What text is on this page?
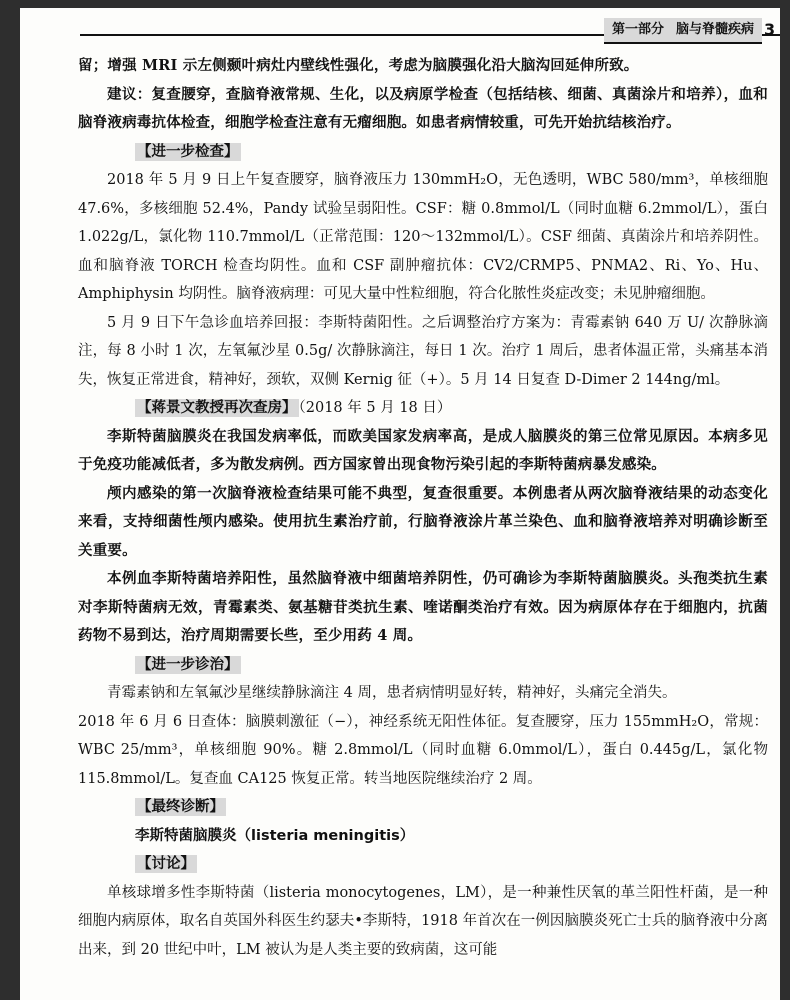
第一部分 脑与脊髓疾病 3

留；增强 MRI 示左侧颞叶病灶内壁线性强化，考虑为脑膜强化沿大脑沟回延伸所致。

建议：复查腰穿，查脑脊液常规、生化，以及病原学检查（包括结核、细菌、真菌涂片和培养），血和脑脊液病毒抗体检查，细胞学检查注意有无瘤细胞。如患者病情较重，可先开始抗结核治疗。

【进一步检查】

2018 年 5 月 9 日上午复查腰穿，脑脊液压力 130mmH₂O，无色透明，WBC 580/mm³，单核细胞 47.6%，多核细胞 52.4%，Pandy 试验呈弱阳性。CSF：糖 0.8mmol/L（同时血糖 6.2mmol/L），蛋白 1.022g/L，氯化物 110.7mmol/L（正常范围：120～132mmol/L）。CSF 细菌、真菌涂片和培养阴性。血和脑脊液 TORCH 检查均阴性。血和 CSF 副肿瘤抗体：CV2/CRMP5、PNMA2、Ri、Yo、Hu、Amphiphysin 均阴性。脑脊液病理：可见大量中性粒细胞，符合化脓性炎症改变；未见肿瘤细胞。

5 月 9 日下午急诊血培养回报：李斯特菌阳性。之后调整治疗方案为：青霉素钠 640 万 U/ 次静脉滴注，每 8 小时 1 次，左氧氟沙星 0.5g/ 次静脉滴注，每日 1 次。治疗 1 周后，患者体温正常，头痛基本消失，恢复正常进食，精神好，颈软，双侧 Kernig 征（+）。5 月 14 日复查 D-Dimer 2 144ng/ml。

【蒋景文教授再次查房】 （2018 年 5 月 18 日）

李斯特菌脑膜炎在我国发病率低，而欧美国家发病率高，是成人脑膜炎的第三位常见原因。本病多见于免疫功能减低者，多为散发病例。西方国家曾出现食物污染引起的李斯特菌病暴发感染。

颅内感染的第一次脑脊液检查结果可能不典型，复查很重要。本例患者从两次脑脊液结果的动态变化来看，支持细菌性颅内感染。使用抗生素治疗前，行脑脊液涂片革兰染色、血和脑脊液培养对明确诊断至关重要。

本例血李斯特菌培养阳性，虽然脑脊液中细菌培养阴性，仍可确诊为李斯特菌脑膜炎。头孢类抗生素对李斯特菌病无效，青霉素类、氨基糖苷类抗生素、喹诺酮类治疗有效。因为病原体存在于细胞内，抗菌药物不易到达，治疗周期需要长些，至少用药 4 周。

【进一步诊治】

青霉素钠和左氧氟沙星继续静脉滴注 4 周，患者病情明显好转，精神好，头痛完全消失。

2018 年 6 月 6 日查体：脑膜刺激征（−），神经系统无阳性体征。复查腰穿，压力 155mmH₂O，常规：WBC 25/mm³，单核细胞 90%。糖 2.8mmol/L（同时血糖 6.0mmol/L），蛋白 0.445g/L，氯化物 115.8mmol/L。复查血 CA125 恢复正常。转当地医院继续治疗 2 周。

【最终诊断】

李斯特菌脑膜炎（listeria meningitis）

【讨论】

单核球增多性李斯特菌（listeria monocytogenes，LM），是一种兼性厌氧的革兰阳性杆菌，是一种细胞内病原体，取名自英国外科医生约瑟夫•李斯特，1918 年首次在一例因脑膜炎死亡士兵的脑脊液中分离出来，到 20 世纪中叶，LM 被认为是人类主要的致病菌，这可能
